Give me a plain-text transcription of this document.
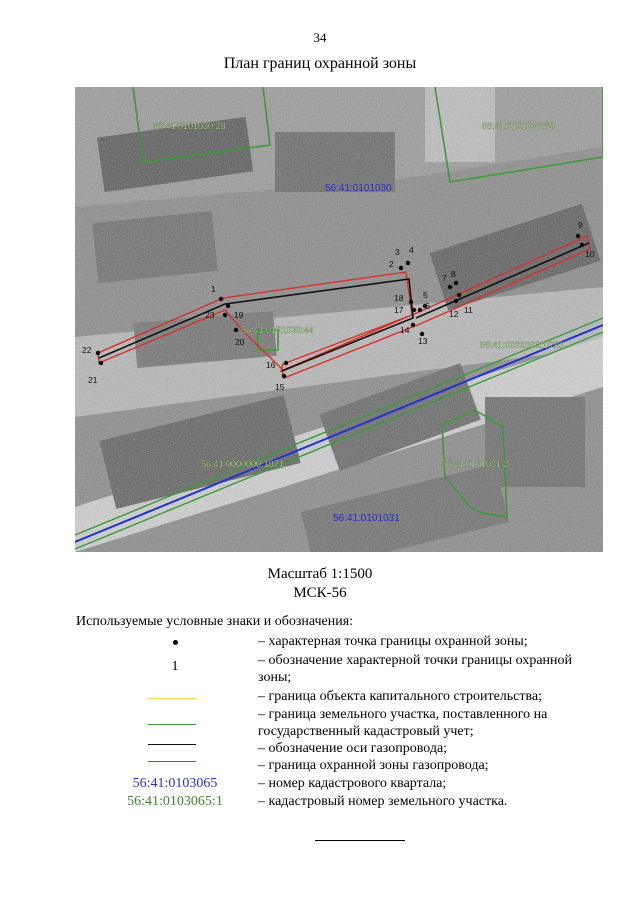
34
План границ охранной зоны
1
2
3 4
5
6
7 8
9
10
11
12
13
14
15
16
17
18
19
20
21
22
23
56:41:0101030:28	56:41:0101030:69
56:41:0101030:44
56:41:0000000:1030
56:41:0000000:1071	56:41:0101031:2
56:41:0101030
56:41:0101031
Масштаб 1:1500
МСК-56
Используемые условные знаки и обозначения:
– характерная точка границы охранной зоны;
1	– обозначение характерной точки границы охранной зоны;
– граница объекта капитального строительства;
– граница земельного участка, поставленного на государственный кадастровый учет;
– обозначение оси газопровода;
– граница охранной зоны газопровода;
56:41:0103065	– номер кадастрового квартала;
56:41:0103065:1	– кадастровый номер земельного участка.
